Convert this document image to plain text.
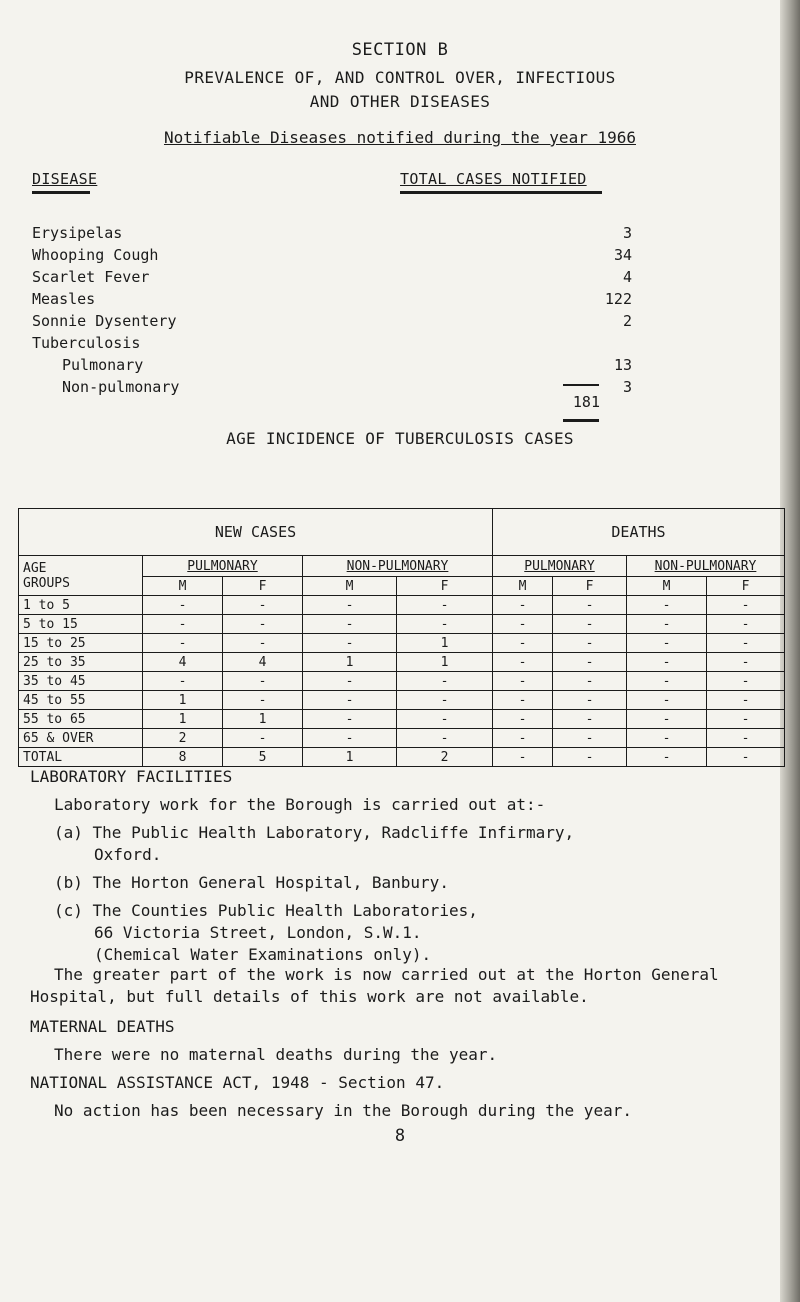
SECTION B
PREVALENCE OF, AND CONTROL OVER, INFECTIOUS
AND OTHER DISEASES
Notifiable Diseases notified during the year 1966
DISEASE	TOTAL CASES NOTIFIED
Erysipelas	3
Whooping Cough	34
Scarlet Fever	4
Measles	122
Sonnie Dysentery	2
Tuberculosis
Pulmonary	13
Non-pulmonary	3
181
AGE INCIDENCE OF TUBERCULOSIS CASES
NEW CASES					DEATHS			

AGE
GROUPS	PULMONARY		NON-PULMONARY		PULMONARY		NON-PULMONARY	
	M	F	M	F	M	F	M	F
1 to 5	-	-	-	-	-	-	-	-
5 to 15	-	-	-	-	-	-	-	-
15 to 25	-	-	-	1	-	-	-	-
25 to 35	4	4	1	1	-	-	-	-
35 to 45	-	-	-	-	-	-	-	-
45 to 55	1	-	-	-	-	-	-	-
55 to 65	1	1	-	-	-	-	-	-
65 & OVER	2	-	-	-	-	-	-	-
TOTAL	8	5	1	2	-	-	-	-
LABORATORY FACILITIES
Laboratory work for the Borough is carried out at:-
(a) The Public Health Laboratory, Radcliffe Infirmary,
Oxford.
(b) The Horton General Hospital, Banbury.
(c) The Counties Public Health Laboratories,
66 Victoria Street, London, S.W.1.
(Chemical Water Examinations only).
The greater part of the work is now carried out at the Horton General Hospital, but full details of this work are not available.
MATERNAL DEATHS
There were no maternal deaths during the year.
NATIONAL ASSISTANCE ACT, 1948 - Section 47.
No action has been necessary in the Borough during the year.
8
